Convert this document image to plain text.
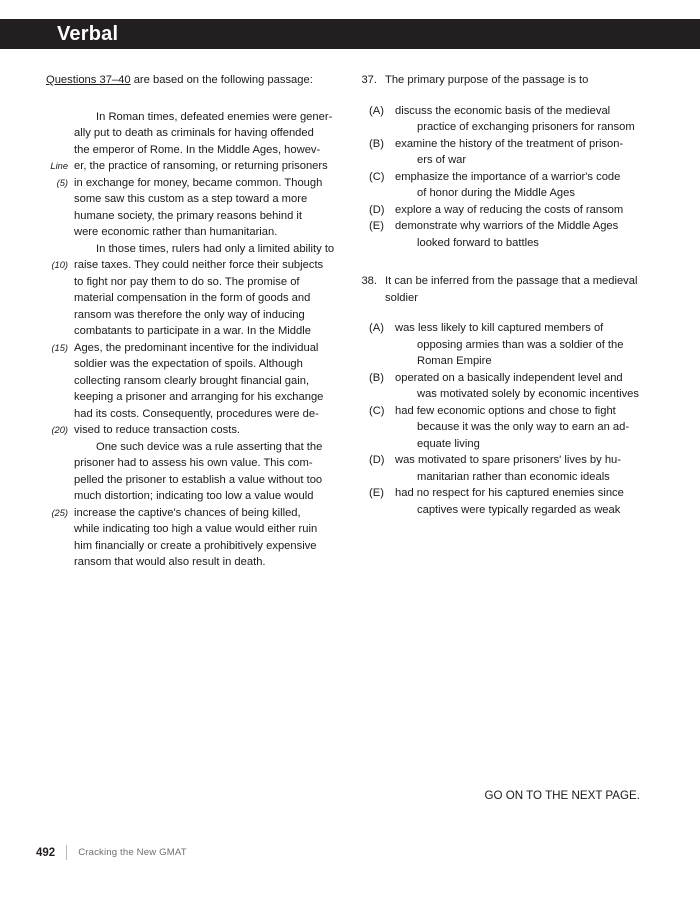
Verbal

Questions 37–40 are based on the following passage:

In Roman times, defeated enemies were gener-
ally put to death as criminals for having offended
the emperor of Rome. In the Middle Ages, howev-
Line er, the practice of ransoming, or returning prisoners
(5) in exchange for money, became common. Though
some saw this custom as a step toward a more
humane society, the primary reasons behind it
were economic rather than humanitarian.
In those times, rulers had only a limited ability to
(10) raise taxes. They could neither force their subjects
to fight nor pay them to do so. The promise of
material compensation in the form of goods and
ransom was therefore the only way of inducing
combatants to participate in a war. In the Middle
(15) Ages, the predominant incentive for the individual
soldier was the expectation of spoils. Although
collecting ransom clearly brought financial gain,
keeping a prisoner and arranging for his exchange
had its costs. Consequently, procedures were de-
(20) vised to reduce transaction costs.
One such device was a rule asserting that the
prisoner had to assess his own value. This com-
pelled the prisoner to establish a value without too
much distortion; indicating too low a value would
(25) increase the captive's chances of being killed,
while indicating too high a value would either ruin
him financially or create a prohibitively expensive
ransom that would also result in death.
37. The primary purpose of the passage is to
(A) discuss the economic basis of the medieval
practice of exchanging prisoners for ransom
(B) examine the history of the treatment of prison-
ers of war
(C) emphasize the importance of a warrior's code
of honor during the Middle Ages
(D) explore a way of reducing the costs of ransom
(E) demonstrate why warriors of the Middle Ages
looked forward to battles
38. It can be inferred from the passage that a medieval soldier
(A) was less likely to kill captured members of
opposing armies than was a soldier of the
Roman Empire
(B) operated on a basically independent level and
was motivated solely by economic incentives
(C) had few economic options and chose to fight
because it was the only way to earn an ad-
equate living
(D) was motivated to spare prisoners' lives by hu-
manitarian rather than economic ideals
(E) had no respect for his captured enemies since
captives were typically regarded as weak
GO ON TO THE NEXT PAGE.
492 Cracking the New GMAT
